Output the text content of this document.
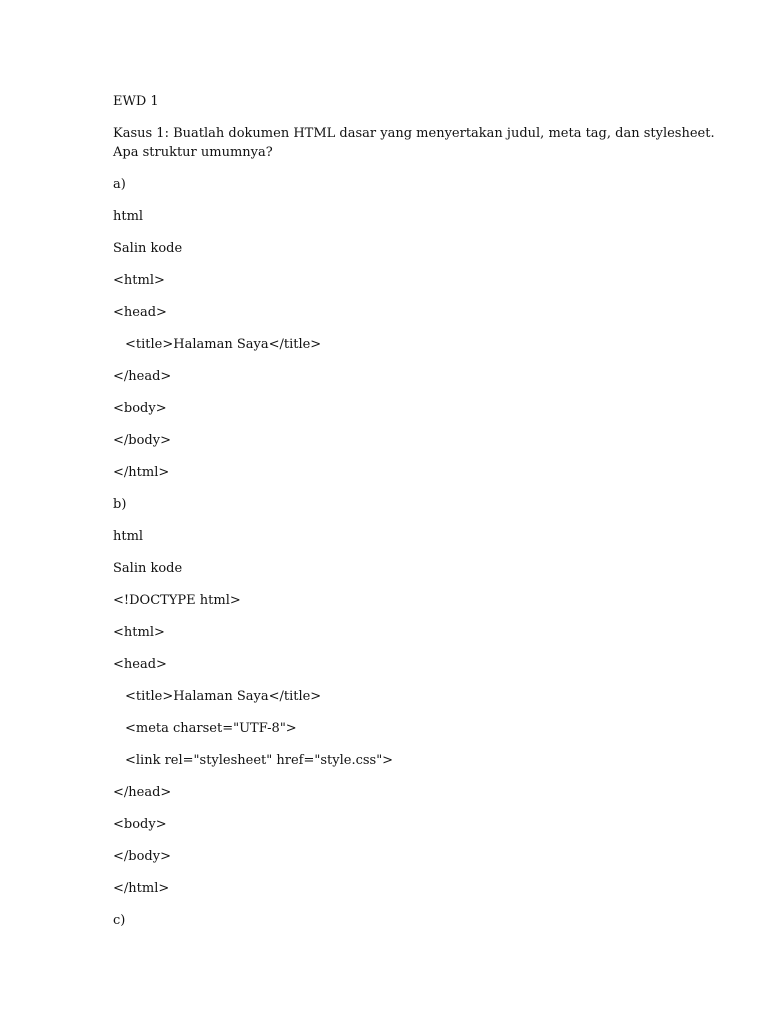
EWD 1

Kasus 1: Buatlah dokumen HTML dasar yang menyertakan judul, meta tag, dan stylesheet.

Apa struktur umumnya?

a)

html

Salin kode

<html>

<head>

<title>Halaman Saya</title>

</head>

<body>

</body>

</html>

b)

html

Salin kode

<!DOCTYPE html>

<html>

<head>

<title>Halaman Saya</title>

<meta charset="UTF-8">

<link rel="stylesheet" href="style.css">

</head>

<body>

</body>

</html>

c)
